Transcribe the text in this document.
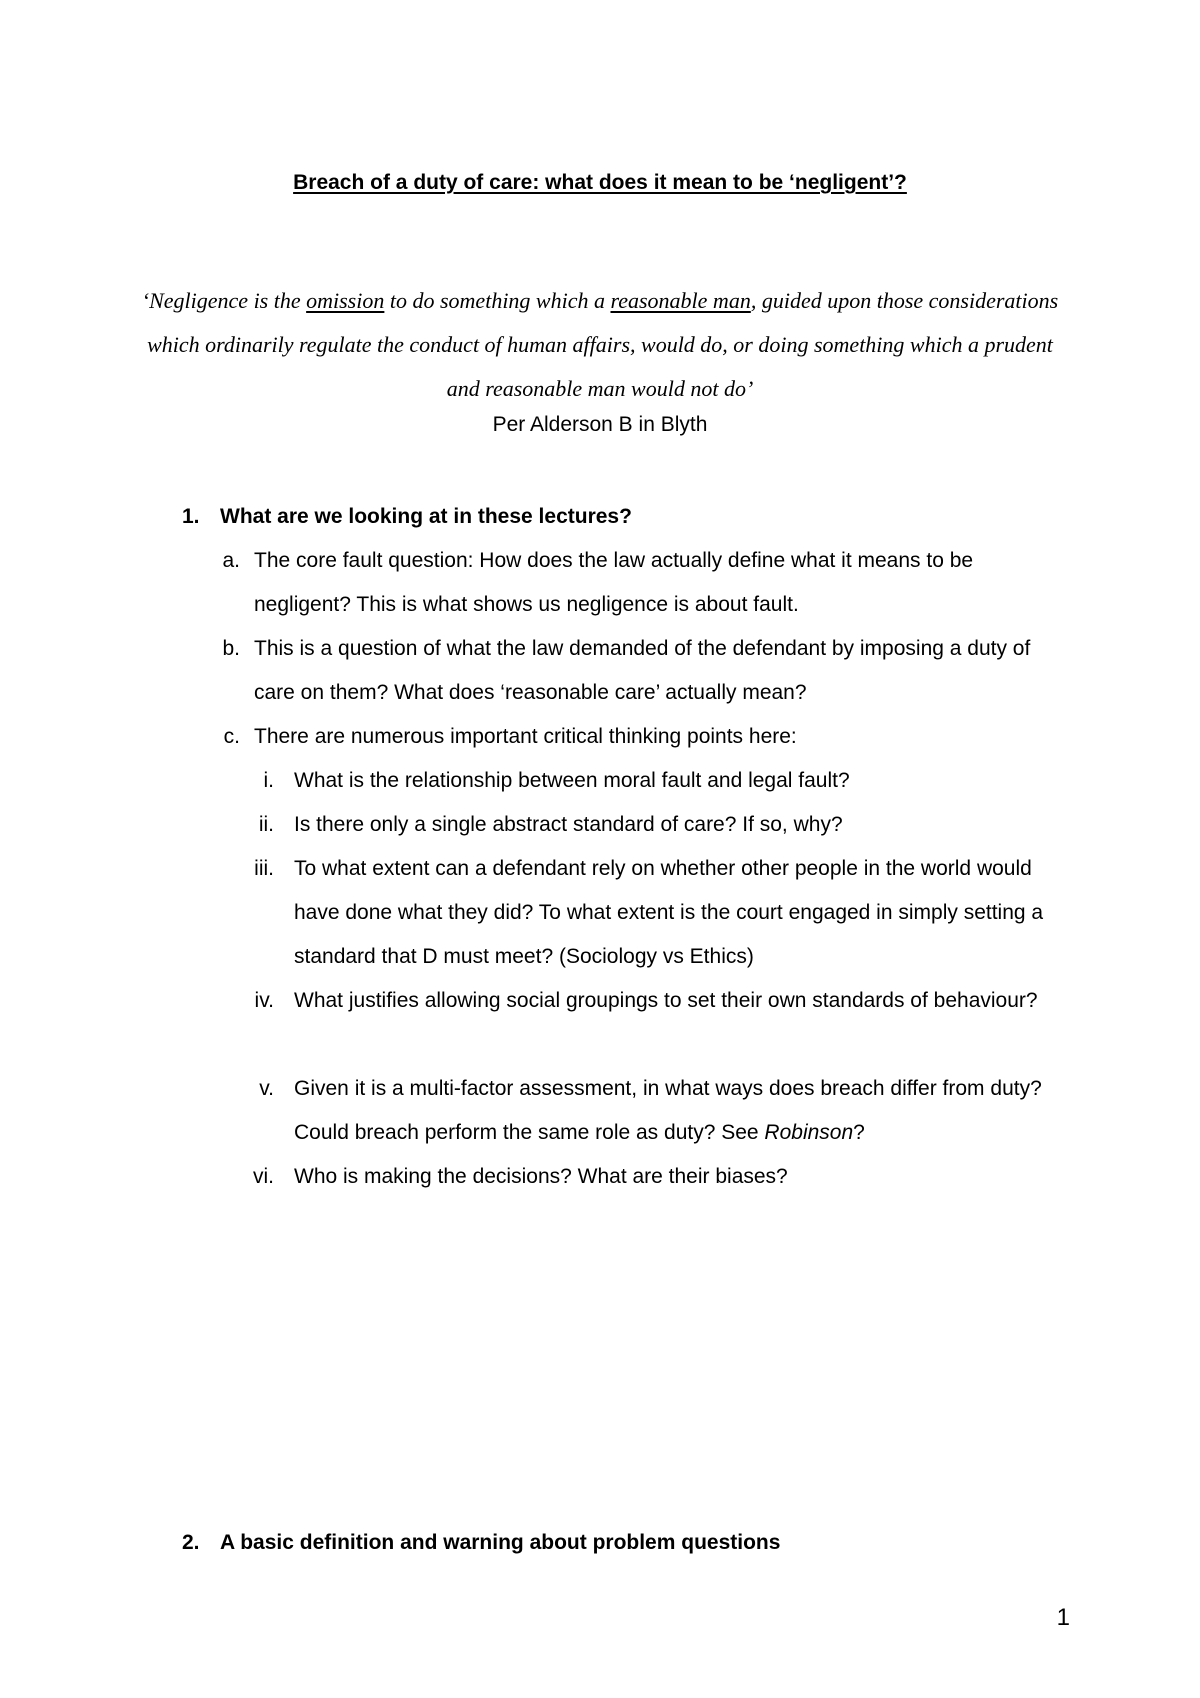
Breach of a duty of care: what does it mean to be ‘negligent’?
‘Negligence is the omission to do something which a reasonable man, guided upon those considerations which ordinarily regulate the conduct of human affairs, would do, or doing something which a prudent and reasonable man would not do’
Per Alderson B in Blyth
1. What are we looking at in these lectures?
a. The core fault question: How does the law actually define what it means to be negligent? This is what shows us negligence is about fault.
b. This is a question of what the law demanded of the defendant by imposing a duty of care on them? What does ‘reasonable care’ actually mean?
c. There are numerous important critical thinking points here:
i. What is the relationship between moral fault and legal fault?
ii. Is there only a single abstract standard of care? If so, why?
iii. To what extent can a defendant rely on whether other people in the world would have done what they did? To what extent is the court engaged in simply setting a standard that D must meet? (Sociology vs Ethics)
iv. What justifies allowing social groupings to set their own standards of behaviour?
v. Given it is a multi-factor assessment, in what ways does breach differ from duty? Could breach perform the same role as duty? See Robinson?
vi. Who is making the decisions? What are their biases?
2. A basic definition and warning about problem questions
1
